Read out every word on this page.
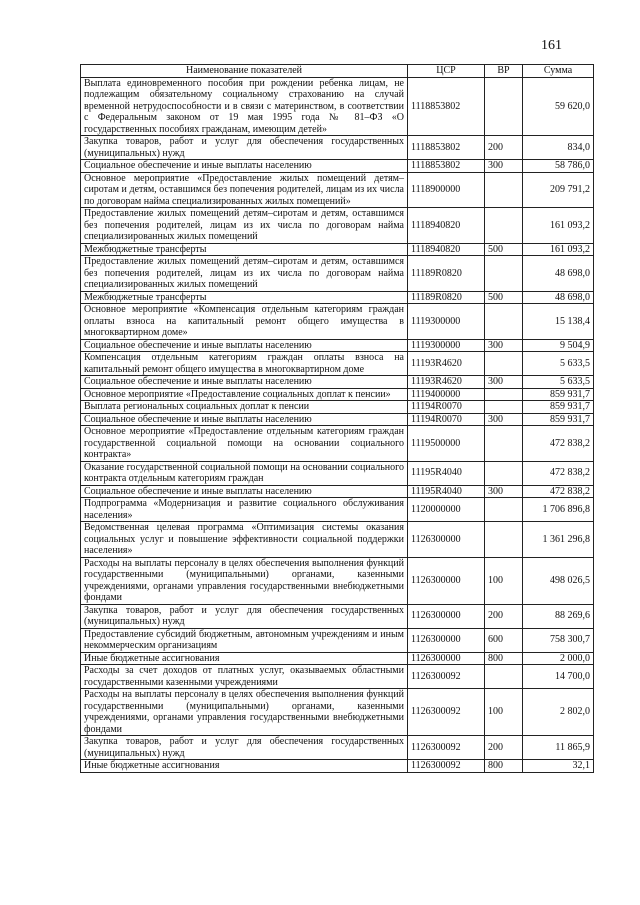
161
Наименование показателей	ЦСР	ВР	Сумма
Выплата единовременного пособия при рождении ребенка лицам, не подлежащим обязательному социальному страхованию на случай временной нетрудоспособности и в связи с материнством, в соответствии с Федеральным законом от 19 мая 1995 года № 81–ФЗ «О государственных пособиях гражданам, имеющим детей»	1118853802		59 620,0
Закупка товаров, работ и услуг для обеспечения государственных (муниципальных) нужд	1118853802	200	834,0
Социальное обеспечение и иные выплаты населению	1118853802	300	58 786,0
Основное мероприятие «Предоставление жилых помещений детям–сиротам и детям, оставшимся без попечения родителей, лицам из их числа по договорам найма специализированных жилых помещений»	1118900000		209 791,2
Предоставление жилых помещений детям–сиротам и детям, оставшимся без попечения родителей, лицам из их числа по договорам найма специализированных жилых помещений	1118940820		161 093,2
Межбюджетные трансферты	1118940820	500	161 093,2
Предоставление жилых помещений детям–сиротам и детям, оставшимся без попечения родителей, лицам из их числа по договорам найма специализированных жилых помещений	11189R0820		48 698,0
Межбюджетные трансферты	11189R0820	500	48 698,0
Основное мероприятие «Компенсация отдельным категориям граждан оплаты взноса на капитальный ремонт общего имущества в многоквартирном доме»	1119300000		15 138,4
Социальное обеспечение и иные выплаты населению	1119300000	300	9 504,9
Компенсация отдельным категориям граждан оплаты взноса на капитальный ремонт общего имущества в многоквартирном доме	11193R4620		5 633,5
Социальное обеспечение и иные выплаты населению	11193R4620	300	5 633,5
Основное мероприятие «Предоставление социальных доплат к пенсии»	1119400000		859 931,7
Выплата региональных социальных доплат к пенсии	11194R0070		859 931,7
Социальное обеспечение и иные выплаты населению	11194R0070	300	859 931,7
Основное мероприятие «Предоставление отдельным категориям граждан государственной социальной помощи на основании социального контракта»	1119500000		472 838,2
Оказание государственной социальной помощи на основании социального контракта отдельным категориям граждан	11195R4040		472 838,2
Социальное обеспечение и иные выплаты населению	11195R4040	300	472 838,2
Подпрограмма «Модернизация и развитие социального обслуживания населения»	1120000000		1 706 896,8
Ведомственная целевая программа «Оптимизация системы оказания социальных услуг и повышение эффективности социальной поддержки населения»	1126300000		1 361 296,8
Расходы на выплаты персоналу в целях обеспечения выполнения функций государственными (муниципальными) органами, казенными учреждениями, органами управления государственными внебюджетными фондами	1126300000	100	498 026,5
Закупка товаров, работ и услуг для обеспечения государственных (муниципальных) нужд	1126300000	200	88 269,6
Предоставление субсидий бюджетным, автономным учреждениям и иным некоммерческим организациям	1126300000	600	758 300,7
Иные бюджетные ассигнования	1126300000	800	2 000,0
Расходы за счет доходов от платных услуг, оказываемых областными государственными казенными учреждениями	1126300092		14 700,0
Расходы на выплаты персоналу в целях обеспечения выполнения функций государственными (муниципальными) органами, казенными учреждениями, органами управления государственными внебюджетными фондами	1126300092	100	2 802,0
Закупка товаров, работ и услуг для обеспечения государственных (муниципальных) нужд	1126300092	200	11 865,9
Иные бюджетные ассигнования	1126300092	800	32,1
